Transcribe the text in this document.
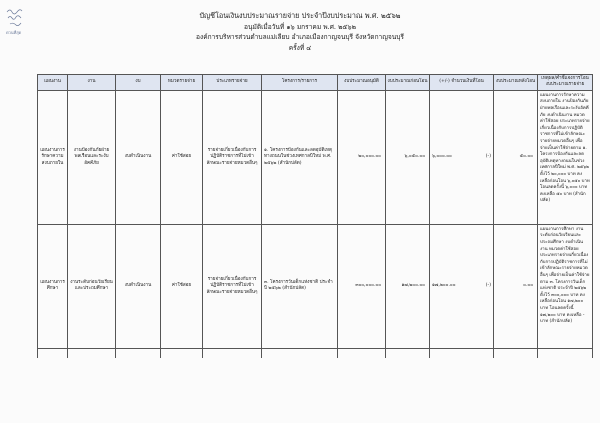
ด่วนที่สุด
บัญชีโอนเงินงบประมาณรายจ่าย ประจำปีงบประมาณ พ.ศ. ๒๕๖๒
อนุมัติเมื่อวันที่ ๑๖ มกราคม พ.ศ. ๒๕๖๒
องค์การบริหารส่วนตำบลแม่เลียบ อำเภอเมืองกาญจนบุรี จังหวัดกาญจนบุรี
ครั้งที่ ๔
แผนงาน	งาน	งบ	หมวดรายจ่าย	ประเภทรายจ่าย	โครงการ/รายการ	งบประมาณอนุมัติ	งบประมาณก่อนโอน	(+/-) จำนวนเงินที่โอน	งบประมาณหลังโอน	เหตุผล/คำชี้แจงการโอนงบประมาณรายจ่าย
แผนงานการรักษาความสงบภายใน	งานป้องกันภัยฝ่ายพลเรือนและระงับอัคคีภัย	งบดำเนินงาน	ค่าใช้สอย	รายจ่ายเกี่ยวเนื่องกับการปฏิบัติราชการที่ไม่เข้าลักษณะรายจ่ายหมวดอื่นๆ	๑. โครงการป้องกันและลดอุบัติเหตุทางถนนในช่วงเทศกาลปีใหม่ พ.ศ. ๒๕๖๒ (สำนักปลัด)	๒๐,๐๐๐.๐๐	๖,๐๕๐.๐๐	๖,๐๐๐.๐๐ (-)	๕๐.๐๐	แผนงานการรักษาความสงบภายใน งานป้องกันภัยฝ่ายพลเรือนและระงับอัคคีภัย งบดำเนินงาน หมวดค่าใช้สอย ประเภทรายจ่ายเกี่ยวเนื่องกับการปฏิบัติราชการที่ไม่เข้าลักษณะรายจ่ายหมวดอื่นๆ เพื่อจ่ายเป็นค่าใช้จ่ายตาม ๑. โครงการป้องกันและลดอุบัติเหตุทางถนนในช่วงเทศกาลปีใหม่ พ.ศ. ๒๕๖๒ ตั้งไว้ ๒๐,๐๐๐ บาท คงเหลือก่อนโอน ๖,๐๕๐ บาท โอนลดครั้งนี้ ๖,๐๐๐ บาท คงเหลือ ๕๐ บาท (สำนักปลัด)
แผนงานการศึกษา	งานระดับก่อนวัยเรียนและประถมศึกษา	งบดำเนินงาน	ค่าใช้สอย	รายจ่ายเกี่ยวเนื่องกับการปฏิบัติราชการที่ไม่เข้าลักษณะรายจ่ายหมวดอื่นๆ	๓. โครงการวันเด็กแห่งชาติ ประจำปี ๒๕๖๒ (สำนักปลัด)	๓๐๐,๐๐๐.๐๐	๑๗,๒๐๐.๐๐	๑๗,๒๐๐.๐๐ (-)	๐.๐๐	แผนงานการศึกษา งานระดับก่อนวัยเรียนและประถมศึกษา งบดำเนินงาน หมวดค่าใช้สอย ประเภทรายจ่ายเกี่ยวเนื่องกับการปฏิบัติราชการที่ไม่เข้าลักษณะรายจ่ายหมวดอื่นๆ เพื่อจ่ายเป็นค่าใช้จ่ายตาม ๓. โครงการวันเด็กแห่งชาติ ประจำปี ๒๕๖๒ ตั้งไว้ ๓๐๐,๐๐๐ บาท คงเหลือก่อนโอน ๑๗,๒๐๐ บาท โอนลดครั้งนี้ ๑๗,๒๐๐ บาท คงเหลือ - บาท (สำนักปลัด)
